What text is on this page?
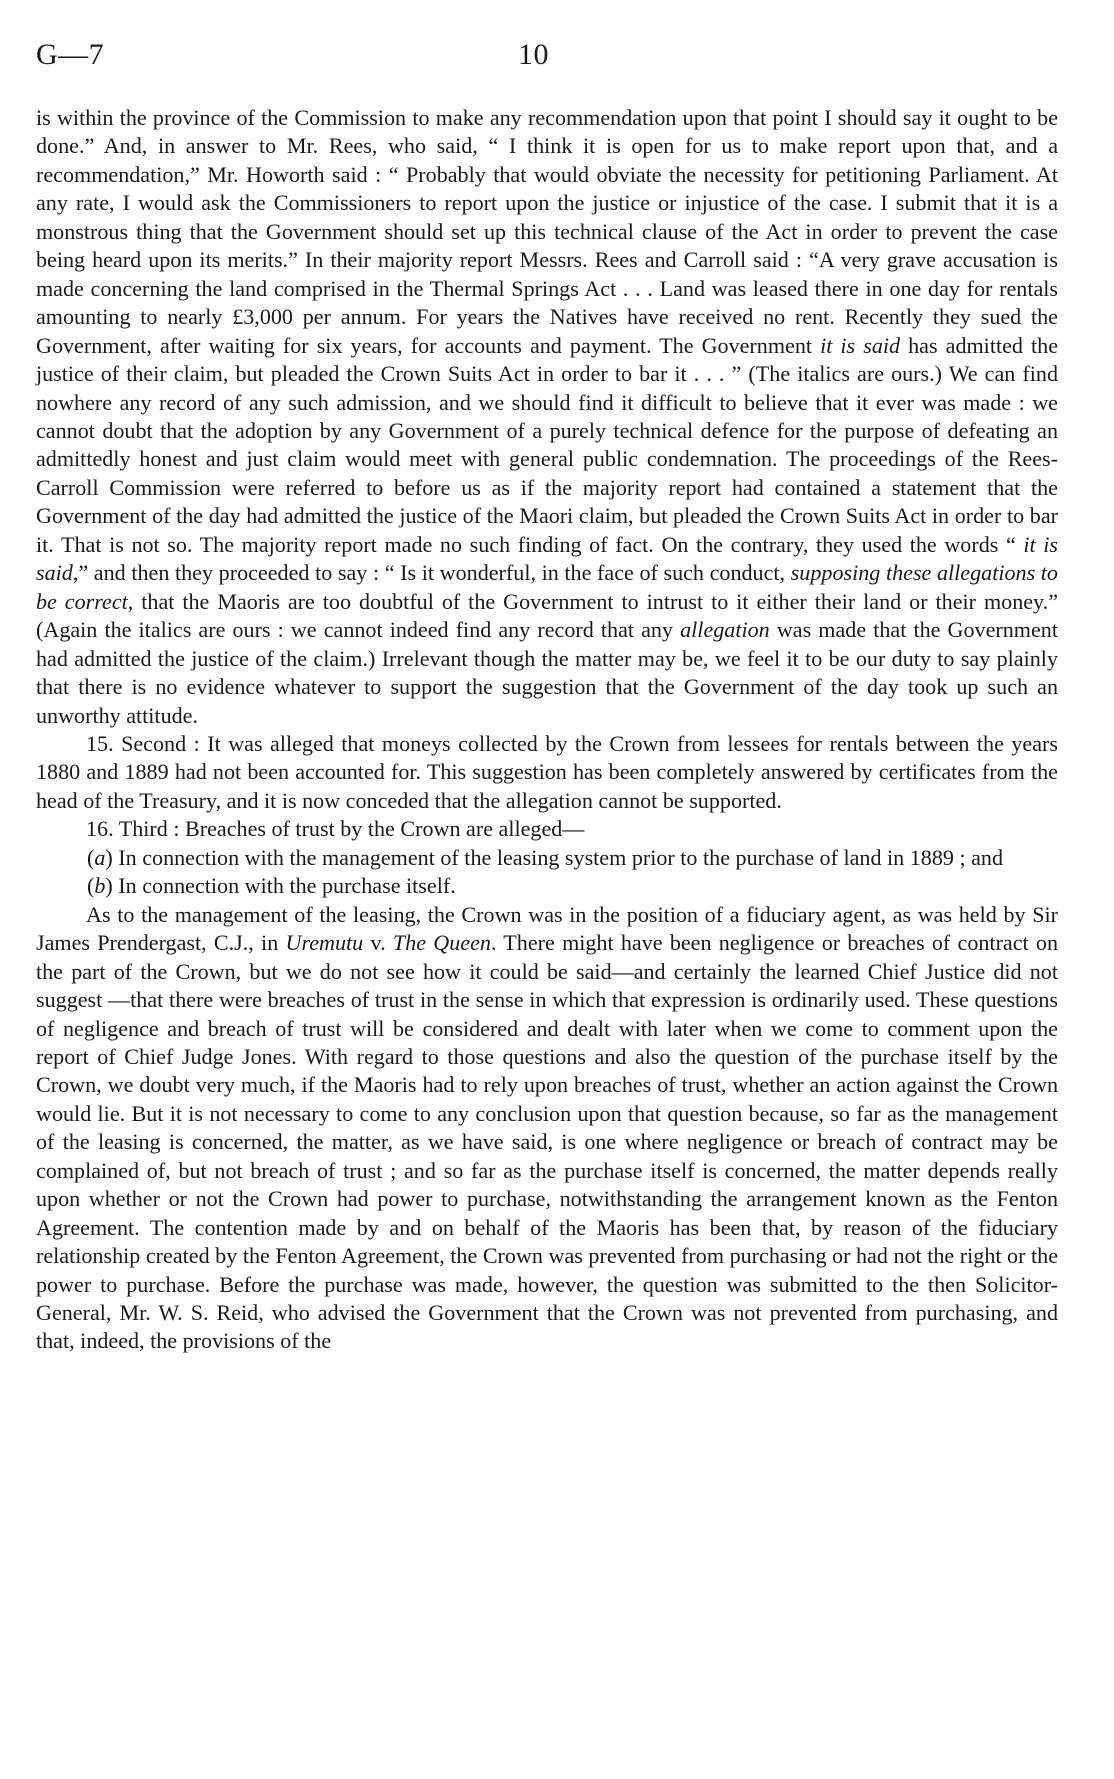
G—7	10

is within the province of the Commission to make any recommendation upon that point I should say it ought to be done.” And, in answer to Mr. Rees, who said, “ I think it is open for us to make report upon that, and a recommendation,” Mr. Howorth said : “ Probably that would obviate the necessity for petitioning Parliament. At any rate, I would ask the Commissioners to report upon the justice or injustice of the case. I submit that it is a monstrous thing that the Government should set up this technical clause of the Act in order to prevent the case being heard upon its merits.” In their majority report Messrs. Rees and Carroll said : “A very grave accusation is made concerning the land comprised in the Thermal Springs Act . . . Land was leased there in one day for rentals amounting to nearly £3,000 per annum. For years the Natives have received no rent. Recently they sued the Government, after waiting for six years, for accounts and payment. The Government it is said has admitted the justice of their claim, but pleaded the Crown Suits Act in order to bar it . . . ” (The italics are ours.) We can find nowhere any record of any such admission, and we should find it difficult to believe that it ever was made : we cannot doubt that the adoption by any Government of a purely technical defence for the purpose of defeating an admittedly honest and just claim would meet with general public condemnation. The proceedings of the Rees-Carroll Commission were referred to before us as if the majority report had contained a statement that the Government of the day had admitted the justice of the Maori claim, but pleaded the Crown Suits Act in order to bar it. That is not so. The majority report made no such finding of fact. On the contrary, they used the words “ it is said,” and then they proceeded to say : “ Is it wonderful, in the face of such conduct, supposing these allegations to be correct, that the Maoris are too doubtful of the Government to intrust to it either their land or their money.” (Again the italics are ours : we cannot indeed find any record that any allegation was made that the Government had admitted the justice of the claim.) Irrelevant though the matter may be, we feel it to be our duty to say plainly that there is no evidence whatever to support the suggestion that the Government of the day took up such an unworthy attitude.

15. Second : It was alleged that moneys collected by the Crown from lessees for rentals between the years 1880 and 1889 had not been accounted for. This suggestion has been completely answered by certificates from the head of the Treasury, and it is now conceded that the allegation cannot be supported.

16. Third : Breaches of trust by the Crown are alleged—

(a) In connection with the management of the leasing system prior to the purchase of land in 1889 ; and

(b) In connection with the purchase itself.

As to the management of the leasing, the Crown was in the position of a fiduciary agent, as was held by Sir James Prendergast, C.J., in Uremutu v. The Queen. There might have been negligence or breaches of contract on the part of the Crown, but we do not see how it could be said—and certainly the learned Chief Justice did not suggest —that there were breaches of trust in the sense in which that expression is ordinarily used. These questions of negligence and breach of trust will be considered and dealt with later when we come to comment upon the report of Chief Judge Jones. With regard to those questions and also the question of the purchase itself by the Crown, we doubt very much, if the Maoris had to rely upon breaches of trust, whether an action against the Crown would lie. But it is not necessary to come to any conclusion upon that question because, so far as the management of the leasing is concerned, the matter, as we have said, is one where negligence or breach of contract may be complained of, but not breach of trust ; and so far as the purchase itself is concerned, the matter depends really upon whether or not the Crown had power to purchase, notwithstanding the arrangement known as the Fenton Agreement. The contention made by and on behalf of the Maoris has been that, by reason of the fiduciary relationship created by the Fenton Agreement, the Crown was prevented from purchasing or had not the right or the power to purchase. Before the purchase was made, however, the question was submitted to the then Solicitor-General, Mr. W. S. Reid, who advised the Government that the Crown was not prevented from purchasing, and that, indeed, the provisions of the
